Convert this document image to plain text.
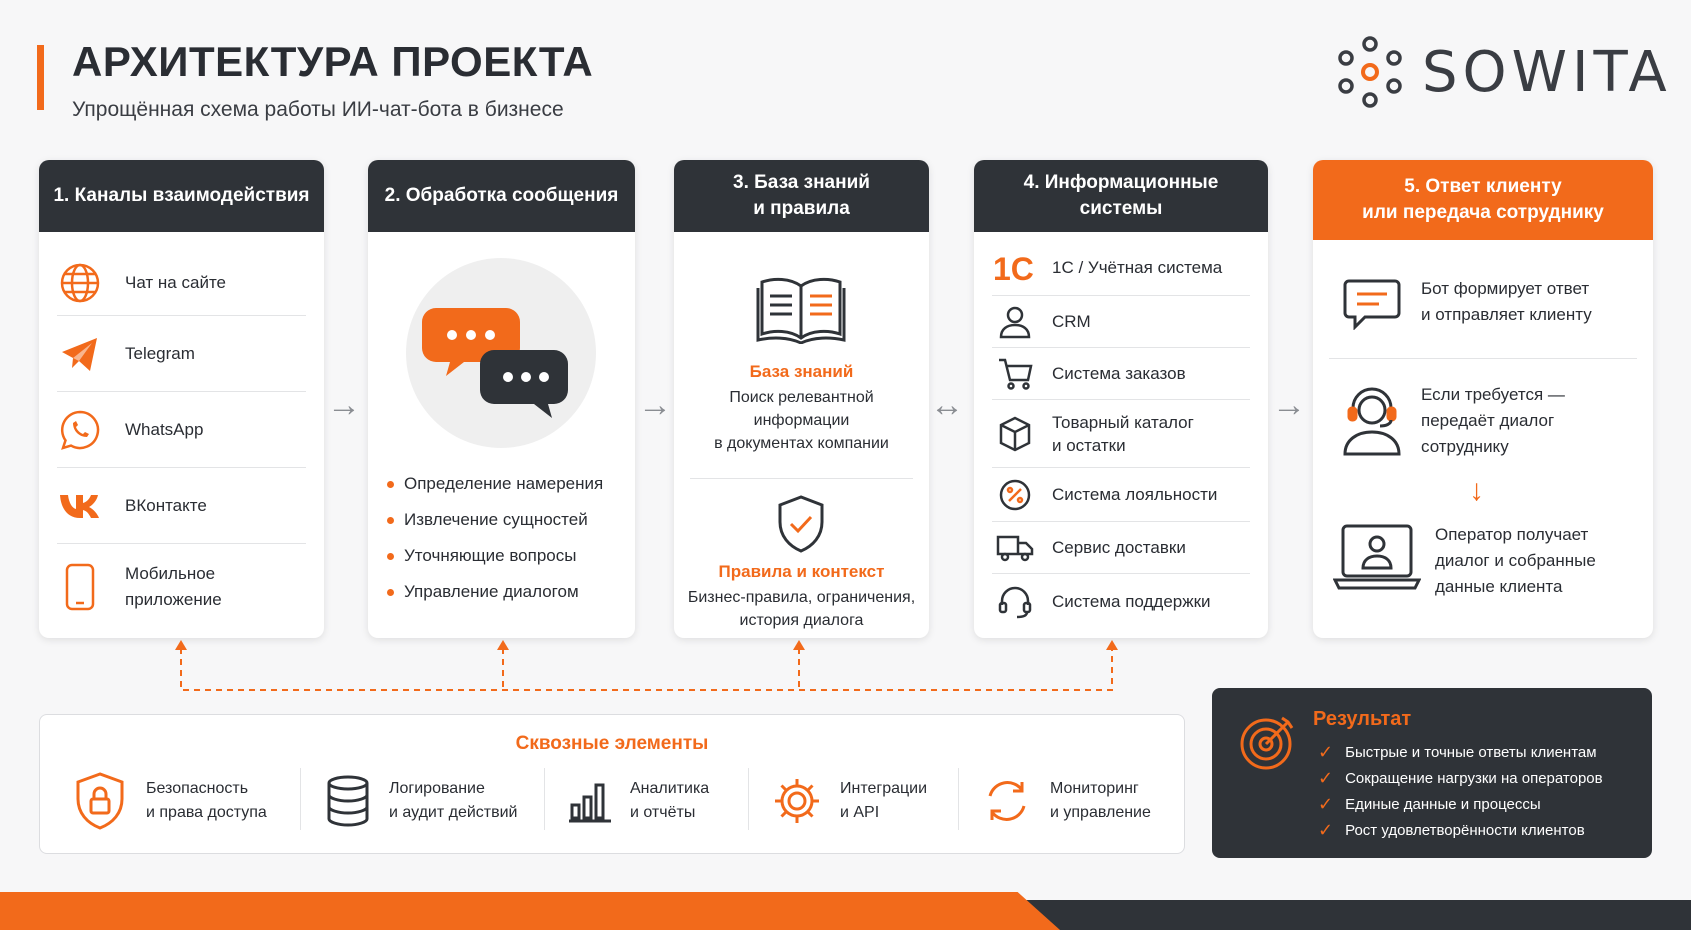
АРХИТЕКТУРА ПРОЕКТА
Упрощённая схема работы ИИ-чат-бота в бизнесе
SOWITA
1. Каналы взаимодействия
Чат на сайте
Telegram
WhatsApp
ВКонтакте
Мобильное
приложение
→
2. Обработка сообщения
Определение намерения
Извлечение сущностей
Уточняющие вопросы
Управление диалогом
→
3. База знаний
и правила
База знаний
Поиск релевантной
информации
в документах компании
Правила и контекст
Бизнес-правила, ограничения,
история диалога
↔
4. Информационные
системы
1C 1С / Учётная система
CRM
Система заказов
Товарный каталог
и остатки
Система лояльности
Сервис доставки
Система поддержки
→
5. Ответ клиенту
или передача сотруднику
Бот формирует ответ
и отправляет клиенту
Если требуется —
передаёт диалог
сотруднику
↓
Оператор получает
диалог и собранные
данные клиента
Сквозные элементы
Безопасность
и права доступа
Логирование
и аудит действий
Аналитика
и отчёты
Интеграции
и API
Мониторинг
и управление
Результат
✓ Быстрые и точные ответы клиентам
✓ Сокращение нагрузки на операторов
✓ Единые данные и процессы
✓ Рост удовлетворённости клиентов
